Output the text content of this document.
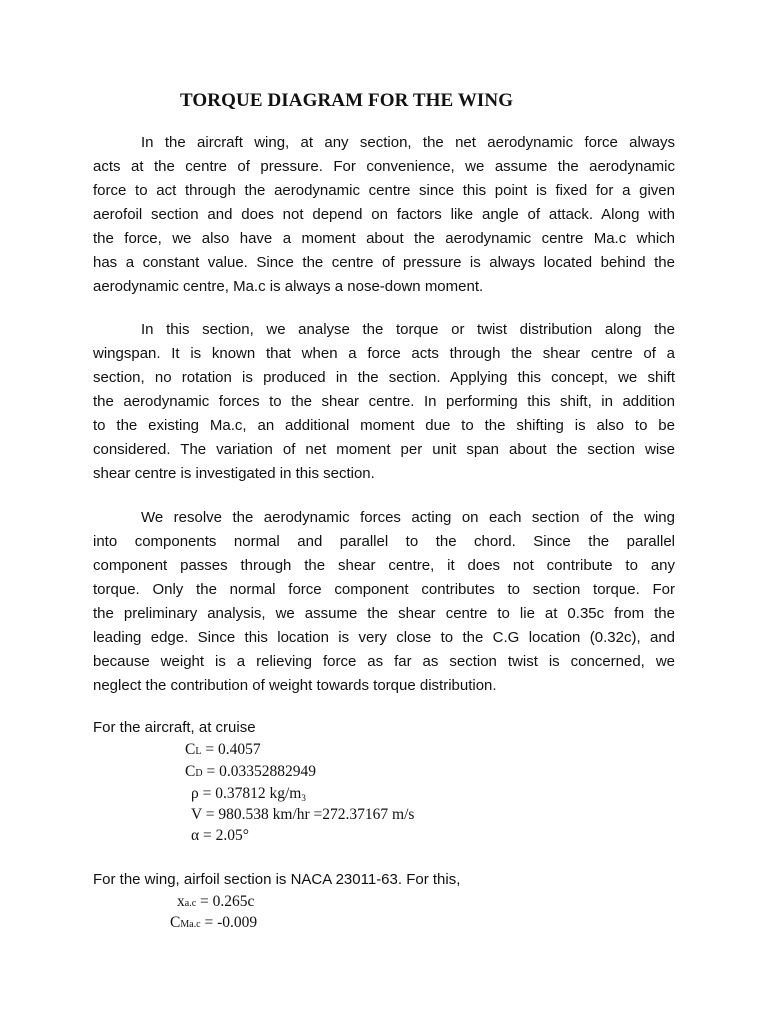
TORQUE DIAGRAM FOR THE WING
In the aircraft wing, at any section, the net aerodynamic force always
acts at the centre of pressure. For convenience, we assume the aerodynamic
force to act through the aerodynamic centre since this point is fixed for a given
aerofoil section and does not depend on factors like angle of attack. Along with
the force, we also have a moment about the aerodynamic centre Ma.c which
has a constant value. Since the centre of pressure is always located behind the
aerodynamic centre, Ma.c is always a nose-down moment.
In this section, we analyse the torque or twist distribution along the
wingspan. It is known that when a force acts through the shear centre of a
section, no rotation is produced in the section. Applying this concept, we shift
the aerodynamic forces to the shear centre. In performing this shift, in addition
to the existing Ma.c, an additional moment due to the shifting is also to be
considered. The variation of net moment per unit span about the section wise
shear centre is investigated in this section.
We resolve the aerodynamic forces acting on each section of the wing
into components normal and parallel to the chord. Since the parallel
component passes through the shear centre, it does not contribute to any
torque. Only the normal force component contributes to section torque. For
the preliminary analysis, we assume the shear centre to lie at 0.35c from the
leading edge. Since this location is very close to the C.G location (0.32c), and
because weight is a relieving force as far as section twist is concerned, we
neglect the contribution of weight towards torque distribution.
For the aircraft, at cruise
CL = 0.4057
CD = 0.03352882949
ρ = 0.37812 kg/m3
V = 980.538 km/hr =272.37167 m/s
α = 2.05°
For the wing, airfoil section is NACA 23011-63. For this,
xa.c = 0.265c
CMa.c = -0.009
